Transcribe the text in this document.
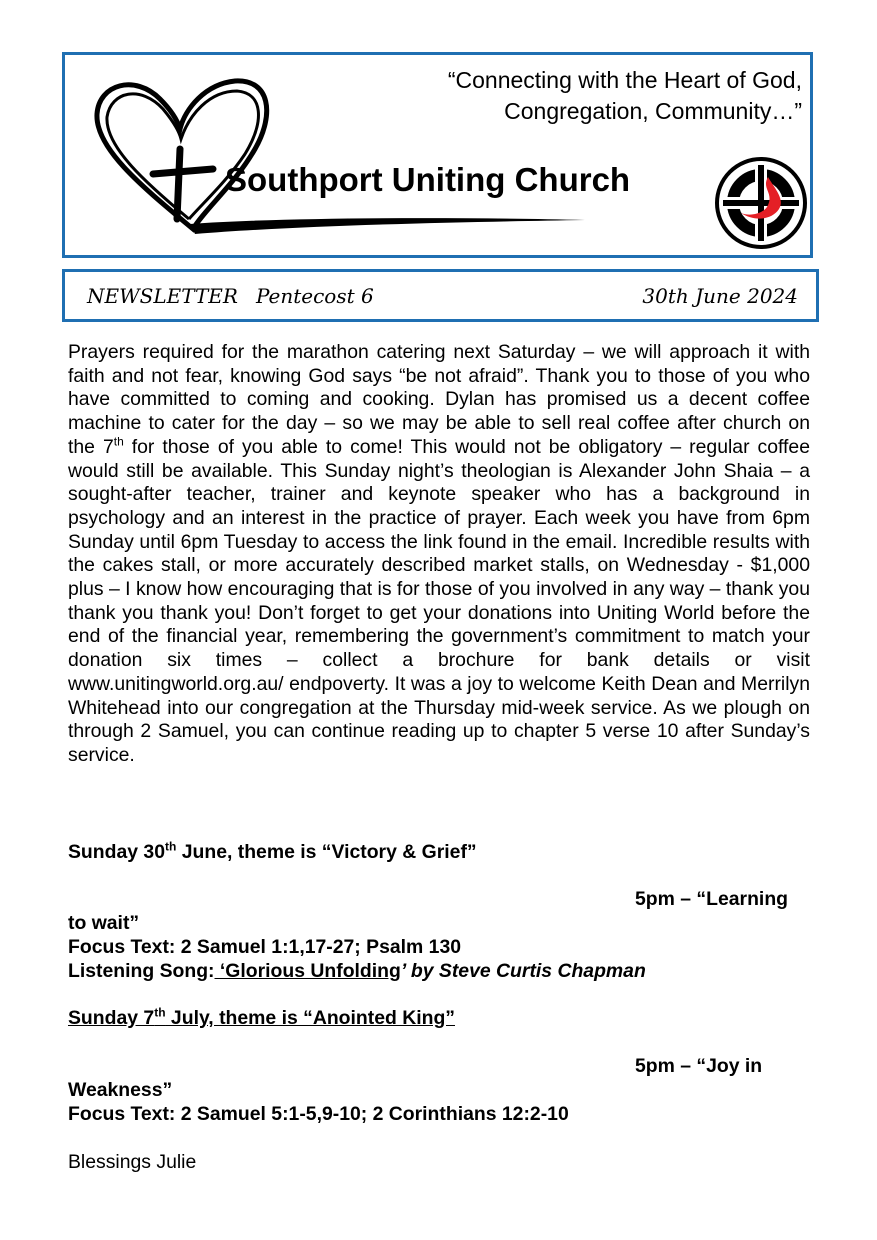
“Connecting with the Heart of God,
Congregation, Community…”
Southport Uniting Church
NEWSLETTER Pentecost 6	30th June 2024
Prayers required for the marathon catering next Saturday – we will approach it with faith and not fear, knowing God says “be not afraid”. Thank you to those of you who have committed to coming and cooking. Dylan has promised us a decent coffee machine to cater for the day – so we may be able to sell real coffee after church on the 7th for those of you able to come! This would not be obligatory – regular coffee would still be available. This Sunday night’s theologian is Alexander John Shaia – a sought-after teacher, trainer and keynote speaker who has a background in psychology and an interest in the practice of prayer. Each week you have from 6pm Sunday until 6pm Tuesday to access the link found in the email. Incredible results with the cakes stall, or more accurately described market stalls, on Wednesday - $1,000 plus – I know how encouraging that is for those of you involved in any way – thank you thank you thank you! Don’t forget to get your donations into Uniting World before the end of the financial year, remembering the government’s commitment to match your donation six times – collect a brochure for bank details or visit www.unitingworld.org.au/ endpoverty. It was a joy to welcome Keith Dean and Merrilyn Whitehead into our congregation at the Thursday mid-week service. As we plough on through 2 Samuel, you can continue reading up to chapter 5 verse 10 after Sunday’s service.
Sunday 30th June, theme is “Victory & Grief”
5pm – “Learning
to wait”
Focus Text: 2 Samuel 1:1,17-27; Psalm 130
Listening Song: ‘Glorious Unfolding’ by Steve Curtis Chapman
Sunday 7th July, theme is “Anointed King”
5pm – “Joy in
Weakness”
Focus Text: 2 Samuel 5:1-5,9-10; 2 Corinthians 12:2-10
Blessings Julie
